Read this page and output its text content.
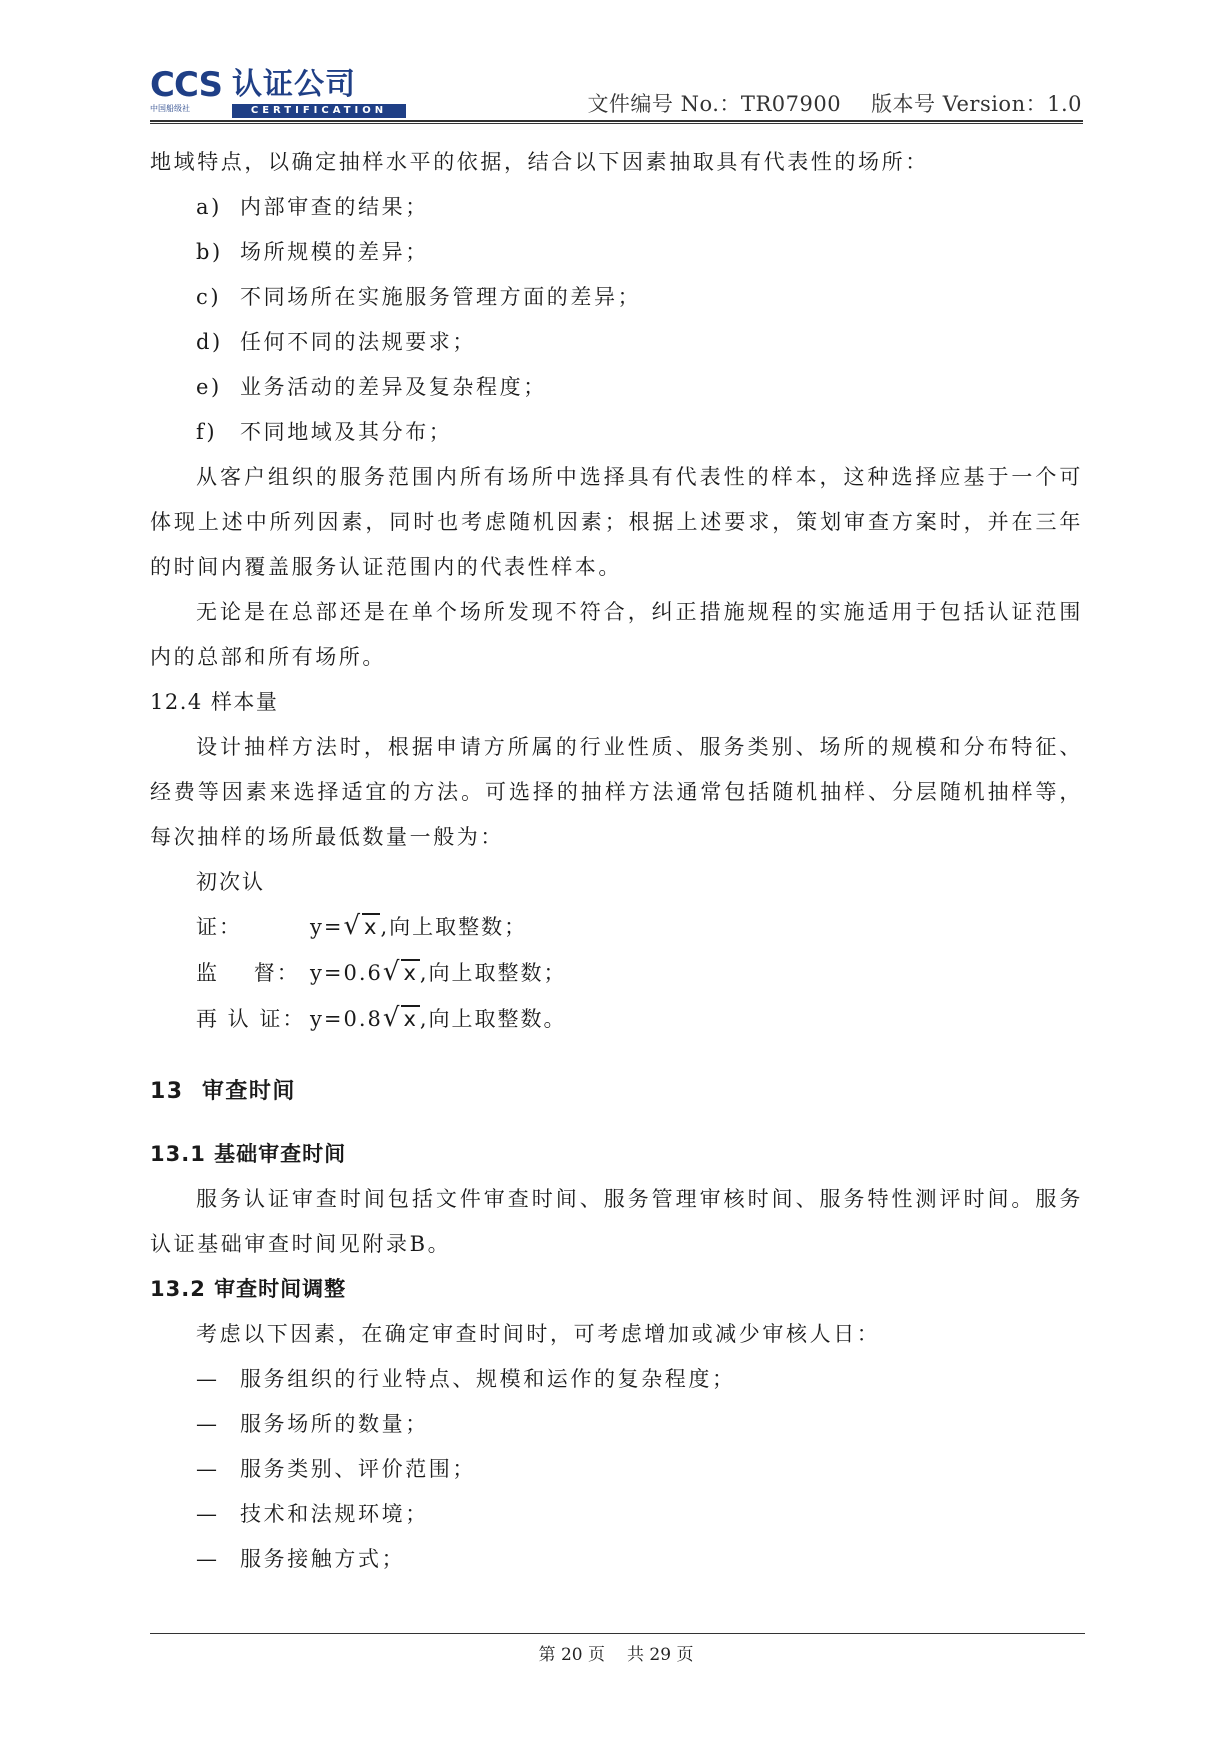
CCS 认证公司
中国船级社	CERTIFICATION	文件编号 No.：TR07900 版本号 Version：1.0

地域特点，以确定抽样水平的依据，结合以下因素抽取具有代表性的场所：

a) 内部审查的结果；

b) 场所规模的差异；

c) 不同场所在实施服务管理方面的差异；

d) 任何不同的法规要求；

e) 业务活动的差异及复杂程度；

f) 不同地域及其分布；

从客户组织的服务范围内所有场所中选择具有代表性的样本，这种选择应基于一个可体现上述中所列因素，同时也考虑随机因素；根据上述要求，策划审查方案时，并在三年的时间内覆盖服务认证范围内的代表性样本。

无论是在总部还是在单个场所发现不符合，纠正措施规程的实施适用于包括认证范围内的总部和所有场所。

12.4 样本量

设计抽样方法时，根据申请方所属的行业性质、服务类别、场所的规模和分布特征、经费等因素来选择适宜的方法。可选择的抽样方法通常包括随机抽样、分层随机抽样等，每次抽样的场所最低数量一般为：

初次认证：	y=√x,向上取整数；

监    督： y=0.6√x,向上取整数；

再 认 证： y=0.8√x,向上取整数。

13  审查时间

13.1 基础审查时间

服务认证审查时间包括文件审查时间、服务管理审核时间、服务特性测评时间。服务认证基础审查时间见附录B。

13.2 审查时间调整

考虑以下因素，在确定审查时间时，可考虑增加或减少审核人日：

— 服务组织的行业特点、规模和运作的复杂程度；

— 服务场所的数量；

— 服务类别、评价范围；

— 技术和法规环境；

— 服务接触方式；

第 20 页 共 29 页
